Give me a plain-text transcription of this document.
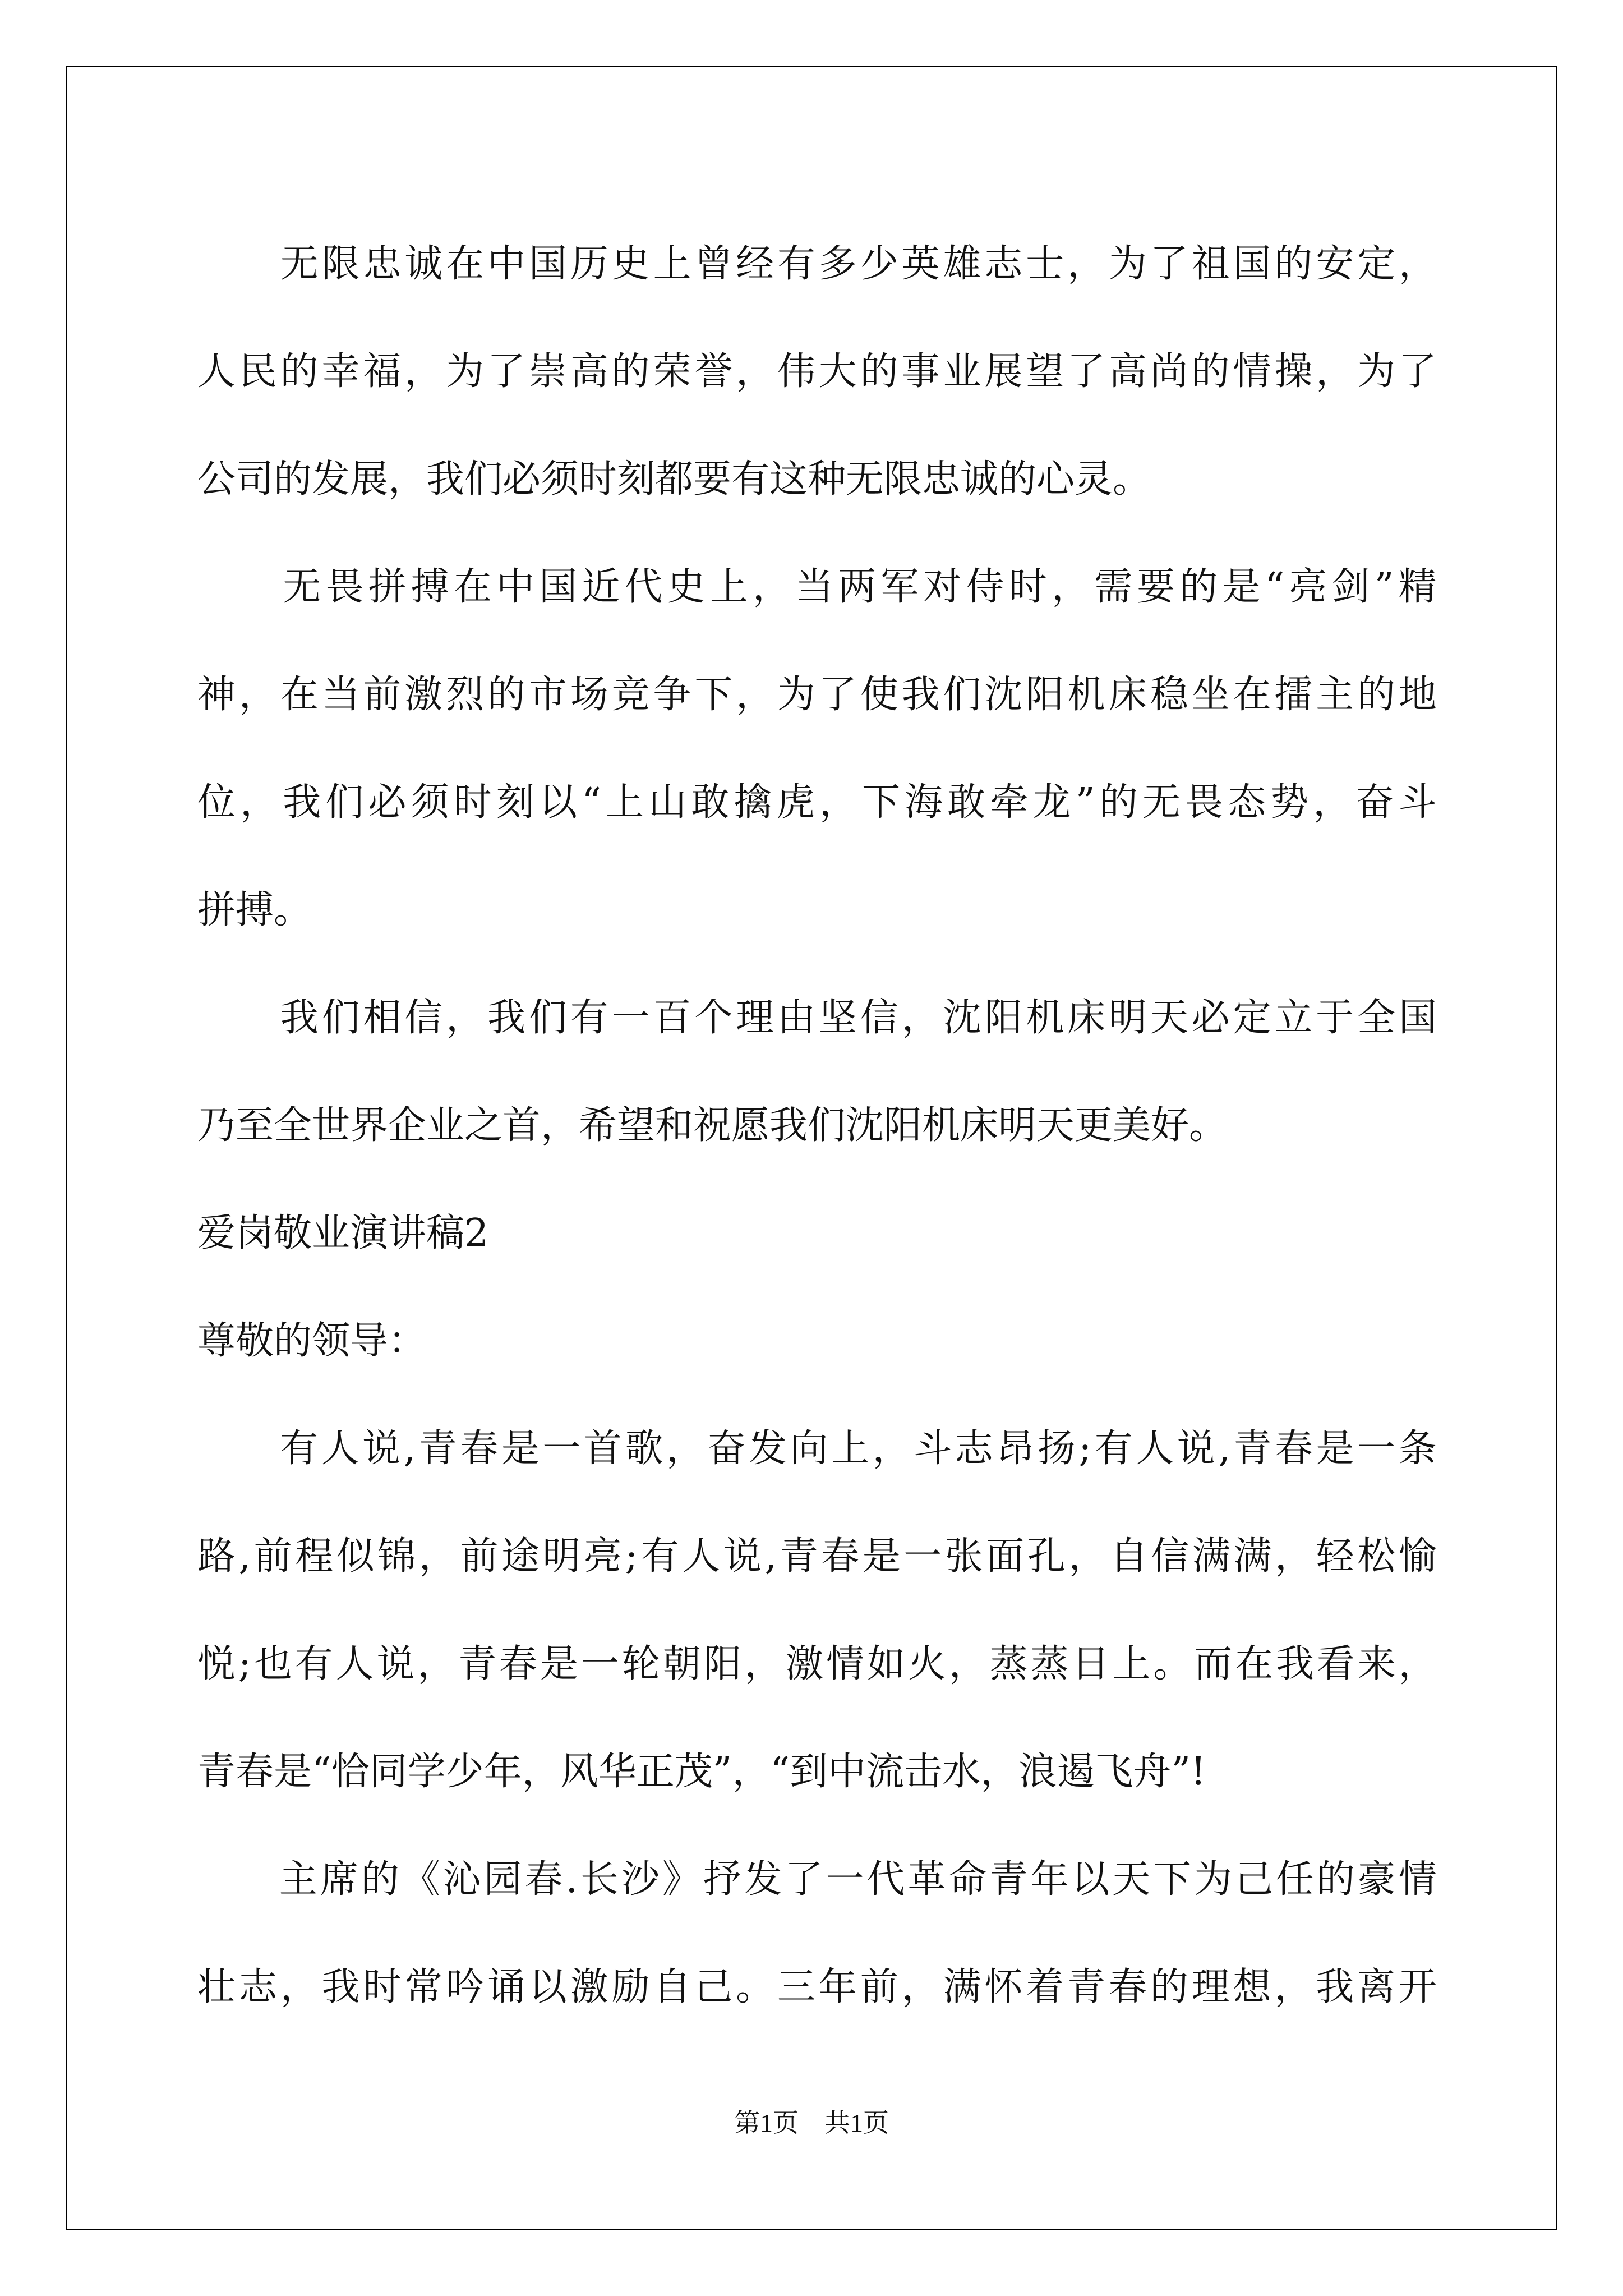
无 限 忠 诚 在 中 国 历 史 上 曾 经 有 多 少 英 雄 志 士 ， 为 了 祖 国 的 安 定 ，
人 民 的 幸 福 ， 为 了 崇 高 的 荣 誉 ， 伟 大 的 事 业 展 望 了 高 尚 的 情 操 ， 为 了
公司的发展，我们必须时刻都要有这种无限忠诚的心灵。

无 畏 拼 搏 在 中 国 近 代 史 上 ， 当 两 军 对 侍 时 ， 需 要 的 是 “ 亮 剑 ” 精
神 ， 在 当 前 激 烈 的 市 场 竞 争 下 ， 为 了 使 我 们 沈 阳 机 床 稳 坐 在 擂 主 的 地
位 ， 我 们 必 须 时 刻 以 “ 上 山 敢 擒 虎 ， 下 海 敢 牵 龙 ” 的 无 畏 态 势 ， 奋 斗
拼搏。

我 们 相 信 ， 我 们 有 一 百 个 理 由 坚 信 ， 沈 阳 机 床 明 天 必 定 立 于 全 国
乃至全世界企业之首，希望和祝愿我们沈阳机床明天更美好。
爱岗敬业演讲稿2
尊敬的领导：

有 人 说 , 青 春 是 一 首 歌 ， 奋 发 向 上 ， 斗 志 昂 扬 ; 有 人 说 , 青 春 是 一 条
路 , 前 程 似 锦 ， 前 途 明 亮 ; 有 人 说 , 青 春 是 一 张 面 孔 ， 自 信 满 满 ， 轻 松 愉
悦 ; 也 有 人 说 ， 青 春 是 一 轮 朝 阳 ， 激 情 如 火 ， 蒸 蒸 日 上 。 而 在 我 看 来 ，
青春是“恰同学少年，风华正茂”，“到中流击水，浪遏飞舟”!

主 席 的 《 沁 园 春 . 长 沙 》 抒 发 了 一 代 革 命 青 年 以 天 下 为 己 任 的 豪 情
壮 志 ， 我 时 常 吟 诵 以 激 励 自 己 。 三 年 前 ， 满 怀 着 青 春 的 理 想 ， 我 离 开
第1页　共1页
